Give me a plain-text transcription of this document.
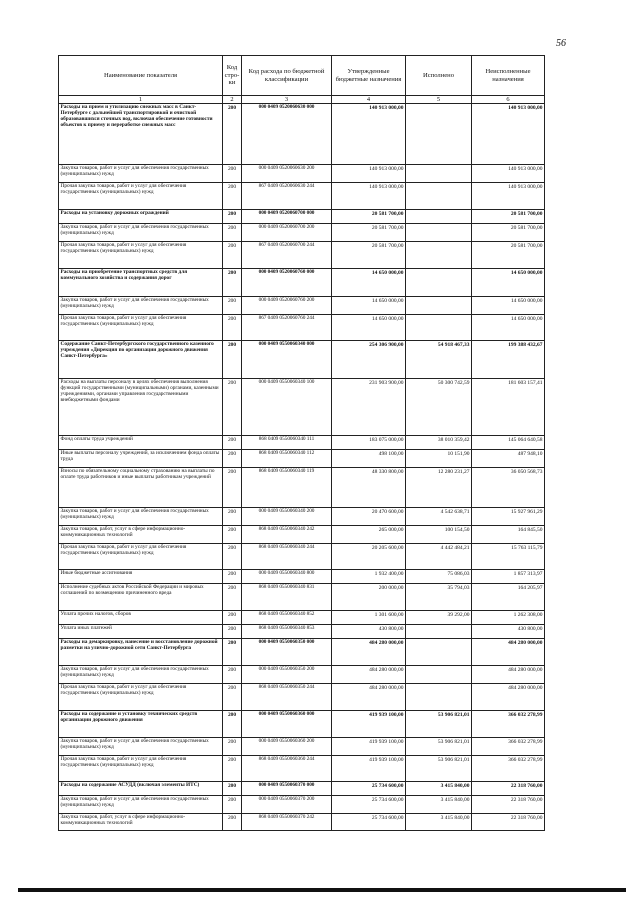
56
Наименование показателя	Код стро-ки	Код расхода по бюджетной классификации	Утвержденные бюджетные назначения	Исполнено	Неисполненные назначения
1	2	3	4	5	6
Расходы на прием и утилизацию снежных масс в Санкт-Петербурге с дальнейшей транспортировкой и очисткой образовавшихся сточных вод, включая обеспечение готовности объектов к приему и переработке снежных масс	200	000 0409 0520060630 000	140 913 000,00		140 913 000,00
Закупка товаров, работ и услуг для обеспечения государственных (муниципальных) нужд	200	000 0409 0520060630 200	140 913 000,00		140 913 000,00
Прочая закупка товаров, работ и услуг для обеспечения государственных (муниципальных) нужд	200	867 0409 0520060630 244	140 913 000,00		140 913 000,00
Расходы на установку дорожных ограждений	200	000 0409 0520060700 000	20 581 700,00		20 581 700,00
Закупка товаров, работ и услуг для обеспечения государственных (муниципальных) нужд	200	000 0409 0520060700 200	20 581 700,00		20 581 700,00
Прочая закупка товаров, работ и услуг для обеспечения государственных (муниципальных) нужд	200	867 0409 0520060700 244	20 581 700,00		20 581 700,00
Расходы на приобретение транспортных средств для коммунального хозяйства и содержания дорог	200	000 0409 0520060760 000	14 650 000,00		14 650 000,00
Закупка товаров, работ и услуг для обеспечения государственных (муниципальных) нужд	200	000 0409 0520060760 200	14 650 000,00		14 650 000,00
Прочая закупка товаров, работ и услуг для обеспечения государственных (муниципальных) нужд	200	867 0409 0520060760 244	14 650 000,00		14 650 000,00
Содержание Санкт-Петербургского государственного казенного учреждения «Дирекция по организации дорожного движения Санкт-Петербурга»	200	000 0409 0550060340 000	254 306 900,00	54 918 467,33	199 388 432,67
Расходы на выплаты персоналу в целях обеспечения выполнения функций государственными (муниципальными) органами, казенными учреждениями, органами управления государственными внебюджетными фондами	200	000 0409 0550060340 100	231 903 900,00	50 300 742,59	181 603 157,41
Фонд оплаты труда учреждений	200	868 0409 0550060340 111	183 075 000,00	38 010 359,42	145 064 640,58
Иные выплаты персоналу учреждений, за исключением фонда оплаты труда	200	868 0409 0550060340 112	498 100,00	10 151,90	487 948,10
Взносы по обязательному социальному страхованию на выплаты по оплате труда работников и иные выплаты работникам учреждений	200	868 0409 0550060340 119	48 330 800,00	12 280 231,27	36 050 568,73
Закупка товаров, работ и услуг для обеспечения государственных (муниципальных) нужд	200	000 0409 0550060340 200	20 470 600,00	4 542 638,71	15 927 961,29
Закупка товаров, работ, услуг в сфере информационно-коммуникационных технологий	200	868 0409 0550060340 242	265 000,00	100 154,50	164 845,50
Прочая закупка товаров, работ и услуг для обеспечения государственных (муниципальных) нужд	200	868 0409 0550060340 244	20 205 600,00	4 442 484,21	15 763 115,79
Иные бюджетные ассигнования	200	000 0409 0550060340 800	1 932 400,00	75 086,03	1 857 313,97
Исполнение судебных актов Российской Федерации и мировых соглашений по возмещению причиненного вреда	200	868 0409 0550060340 831	200 000,00	35 794,03	164 205,97
Уплата прочих налогов, сборов	200	868 0409 0550060340 852	1 301 600,00	39 292,00	1 262 308,00
Уплата иных платежей	200	868 0409 0550060340 853	430 800,00		430 800,00
Расходы на демаркировку, нанесение и восстановление дорожной разметки на улично-дорожной сети Санкт-Петербурга	200	000 0409 0550060350 000	484 280 000,00		484 280 000,00
Закупка товаров, работ и услуг для обеспечения государственных (муниципальных) нужд	200	000 0409 0550060350 200	484 280 000,00		484 280 000,00
Прочая закупка товаров, работ и услуг для обеспечения государственных (муниципальных) нужд	200	868 0409 0550060350 244	484 280 000,00		484 280 000,00
Расходы на содержание и установку технических средств организации дорожного движения	200	000 0409 0550060360 000	419 939 100,00	53 906 821,01	366 032 278,99
Закупка товаров, работ и услуг для обеспечения государственных (муниципальных) нужд	200	000 0409 0550060360 200	419 939 100,00	53 906 821,01	366 032 278,99
Прочая закупка товаров, работ и услуг для обеспечения государственных (муниципальных) нужд	200	868 0409 0550060360 244	419 939 100,00	53 906 821,01	366 032 278,99
Расходы на содержание АСУДД (включая элементы ИТС)	200	000 0409 0550060370 000	25 734 600,00	3 415 840,00	22 318 760,00
Закупка товаров, работ и услуг для обеспечения государственных (муниципальных) нужд	200	000 0409 0550060370 200	25 734 600,00	3 415 840,00	22 318 760,00
Закупка товаров, работ, услуг в сфере информационно-коммуникационных технологий	200	868 0409 0550060370 242	25 734 600,00	3 415 840,00	22 318 760,00
